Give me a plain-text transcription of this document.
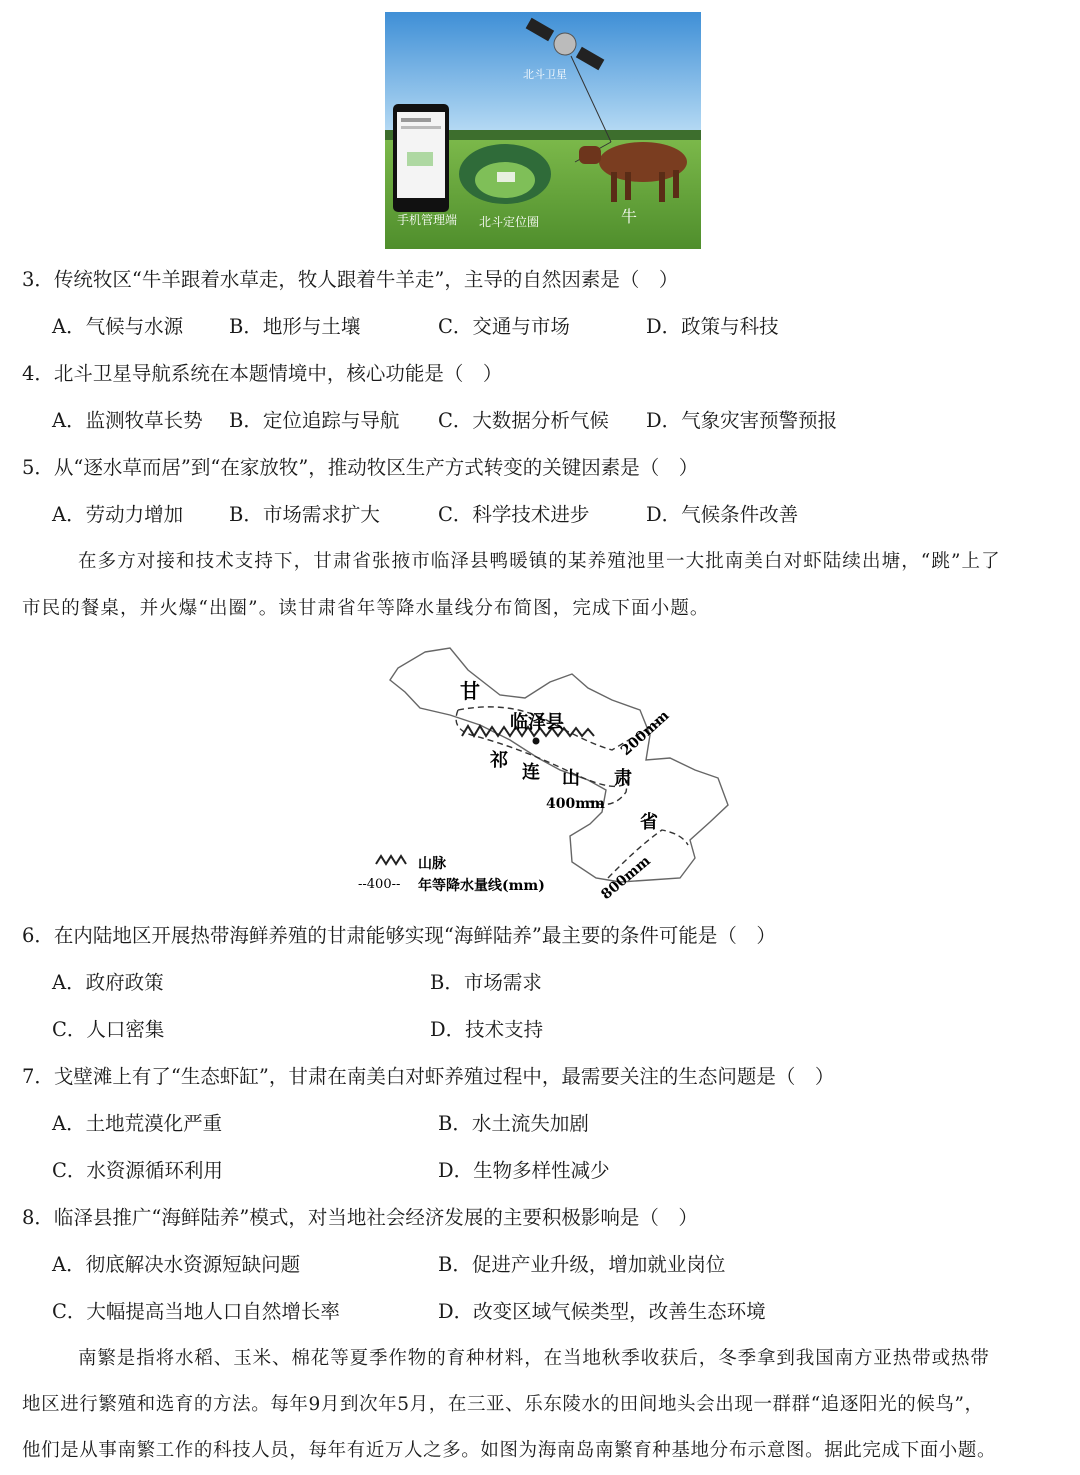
北斗卫星
手机管理端 北斗定位圈	牛
3．传统牧区“牛羊跟着水草走，牧人跟着牛羊走”，主导的自然因素是（　）
A．气候与水源 B．地形与土壤	C．交通与市场	D．政策与科技
4．北斗卫星导航系统在本题情境中，核心功能是（　）
A．监测牧草长势 B．定位追踪与导航 C．大数据分析气候 D．气象灾害预警预报
5．从“逐水草而居”到“在家放牧”，推动牧区生产方式转变的关键因素是（　）
A．劳动力增加 B．市场需求扩大	C．科学技术进步	D．气候条件改善
在多方对接和技术支持下，甘肃省张掖市临泽县鸭暖镇的某养殖池里一大批南美白对虾陆续出塘，“跳”上了
市民的餐桌，并火爆“出圈”。读甘肃省年等降水量线分布简图，完成下面小题。
甘
临泽县
祁
连 山 肃
省
200mm
400mm
800mm
山脉
--400-- 年等降水量线(mm)
6．在内陆地区开展热带海鲜养殖的甘肃能够实现“海鲜陆养”最主要的条件可能是（　）
A．政府政策	B．市场需求
C．人口密集	D．技术支持
7．戈壁滩上有了“生态虾缸”，甘肃在南美白对虾养殖过程中，最需要关注的生态问题是（　）
A．土地荒漠化严重	B．水土流失加剧
C．水资源循环利用	D．生物多样性减少
8．临泽县推广“海鲜陆养”模式，对当地社会经济发展的主要积极影响是（　）
A．彻底解决水资源短缺问题	B．促进产业升级，增加就业岗位
C．大幅提高当地人口自然增长率	D．改变区域气候类型，改善生态环境
南繁是指将水稻、玉米、棉花等夏季作物的育种材料，在当地秋季收获后，冬季拿到我国南方亚热带或热带
地区进行繁殖和选育的方法。每年9月到次年5月，在三亚、乐东陵水的田间地头会出现一群群“追逐阳光的候鸟”，
他们是从事南繁工作的科技人员，每年有近万人之多。如图为海南岛南繁育种基地分布示意图。据此完成下面小题。
